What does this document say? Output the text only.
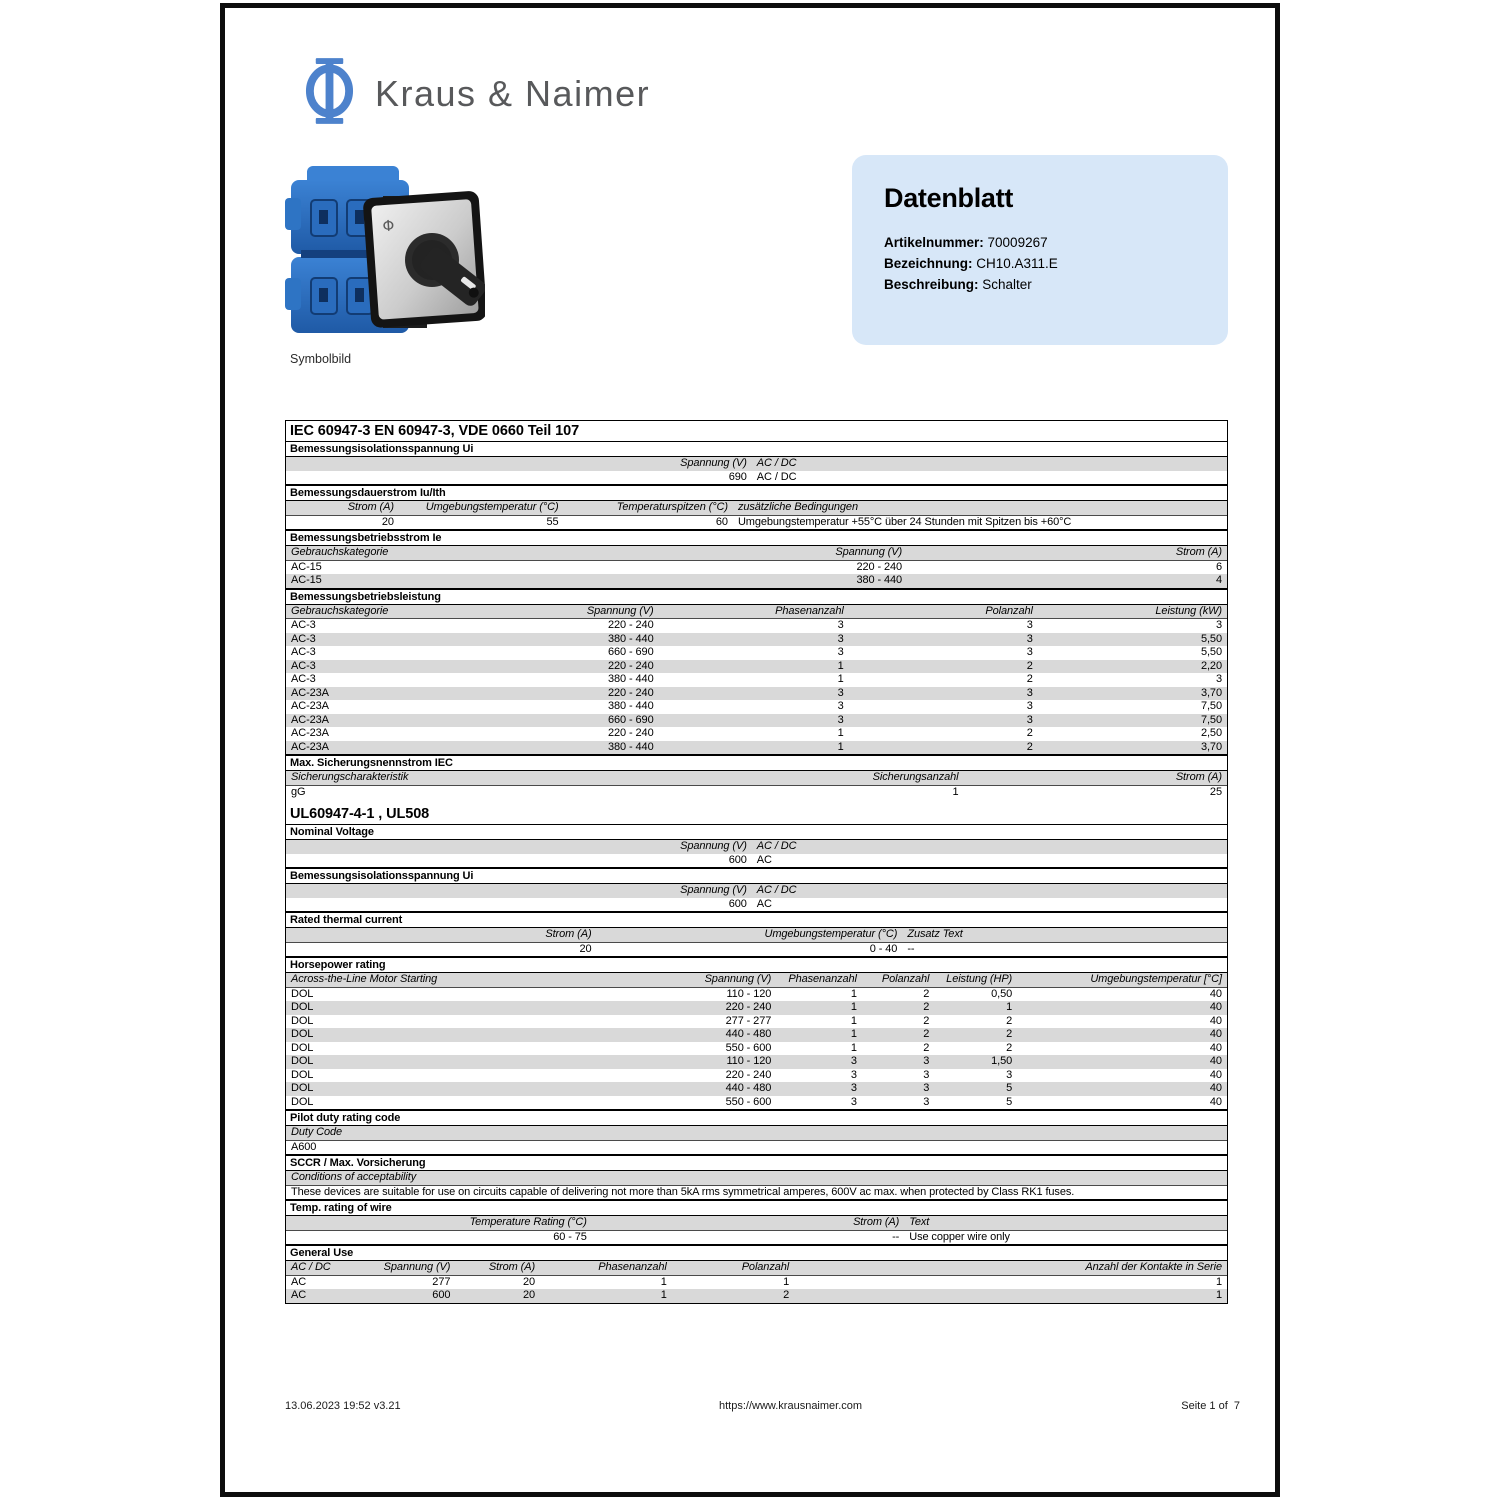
Kraus & Naimer
Φ
Symbolbild
Datenblatt
Artikelnummer: 70009267
Bezeichnung: CH10.A311.E
Beschreibung: Schalter
IEC 60947-3 EN 60947-3, VDE 0660 Teil 107
Bemessungsisolationsspannung Ui
Spannung (V) AC / DC
690 AC / DC
Bemessungsdauerstrom Iu/Ith
Strom (A)	Umgebungstemperatur (°C)	Temperaturspitzen (°C) zusätzliche Bedingungen
20	55	60 Umgebungstemperatur +55°C über 24 Stunden mit Spitzen bis +60°C
Bemessungsbetriebsstrom Ie
Gebrauchskategorie	Spannung (V)	Strom (A)
AC-15	220 - 240	6
AC-15	380 - 440	4
Bemessungsbetriebsleistung
Gebrauchskategorie	Spannung (V)	Phasenanzahl	Polanzahl	Leistung (kW)
AC-3	220 - 240	3	3	3
AC-3	380 - 440	3	3	5,50
AC-3	660 - 690	3	3	5,50
AC-3	220 - 240	1	2	2,20
AC-3	380 - 440	1	2	3
AC-23A	220 - 240	3	3	3,70
AC-23A	380 - 440	3	3	7,50
AC-23A	660 - 690	3	3	7,50
AC-23A	220 - 240	1	2	2,50
AC-23A	380 - 440	1	2	3,70
Max. Sicherungsnennstrom IEC
Sicherungscharakteristik	Sicherungsanzahl	Strom (A)
gG	1	25
UL60947-4-1 , UL508
Nominal Voltage
Spannung (V) AC / DC
600 AC
Bemessungsisolationsspannung Ui
Spannung (V) AC / DC
600 AC
Rated thermal current
Strom (A)	Umgebungstemperatur (°C) Zusatz Text
20	0 - 40 --
Horsepower rating
Across-the-Line Motor Starting	Spannung (V)	Phasenanzahl	Polanzahl	Leistung (HP)	Umgebungstemperatur [°C]
DOL	110 - 120	1	2	0,50	40
DOL	220 - 240	1	2	1	40
DOL	277 - 277	1	2	2	40
DOL	440 - 480	1	2	2	40
DOL	550 - 600	1	2	2	40
DOL	110 - 120	3	3	1,50	40
DOL	220 - 240	3	3	3	40
DOL	440 - 480	3	3	5	40
DOL	550 - 600	3	3	5	40
Pilot duty rating code
Duty Code
A600
SCCR / Max. Vorsicherung
Conditions of acceptability
These devices are suitable for use on circuits capable of delivering not more than 5kA rms symmetrical amperes, 600V ac max. when protected by Class RK1 fuses.
Temp. rating of wire
Temperature Rating (°C)	Strom (A) Text
60 - 75	-- Use copper wire only
General Use
AC / DC	Spannung (V)	Strom (A)	Phasenanzahl	Polanzahl	Anzahl der Kontakte in Serie
AC	277	20	1	1	1
AC	600	20	1	2	1
13.06.2023 19:52 v3.21	https://www.krausnaimer.com	Seite 1 of  7
